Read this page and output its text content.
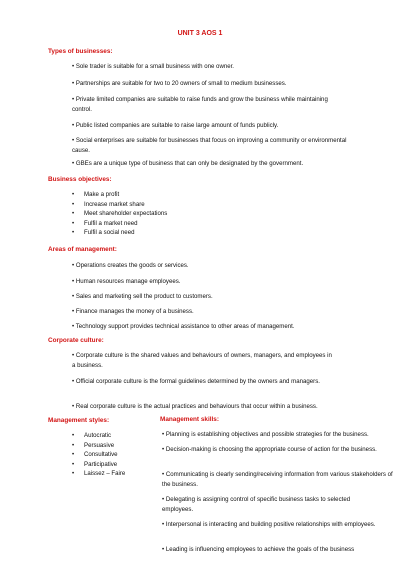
UNIT 3 AOS 1
Types of businesses:
• Sole trader is suitable for a small business with one owner.
• Partnerships are suitable for two to 20 owners of small to medium businesses.
• Private limited companies are suitable to raise funds and grow the business while maintaining control.
• Public listed companies are suitable to raise large amount of funds publicly.
• Social enterprises are suitable for businesses that focus on improving a community or environmental cause.
• GBEs are a unique type of business that can only be designated by the government.
Business objectives:
• Make a profit
• Increase market share
• Meet shareholder expectations
• Fulfil a market need
• Fulfil a social need
Areas of management:
• Operations creates the goods or services.
• Human resources manage employees.
• Sales and marketing sell the product to customers.
• Finance manages the money of a business.
• Technology support provides technical assistance to other areas of management.
Corporate culture:
• Corporate culture is the shared values and behaviours of owners, managers, and employees in a business.
• Official corporate culture is the formal guidelines determined by the owners and managers.
• Real corporate culture is the actual practices and behaviours that occur within a business.
Management styles:
• Autocratic
• Persuasive
• Consultative
• Participative
• Laissez – Faire
Management skills:
• Planning is establishing objectives and possible strategies for the business.
• Decision-making is choosing the appropriate course of action for the business.
• Communicating is clearly sending/receiving information from various stakeholders of the business.
• Delegating is assigning control of specific business tasks to selected employees.
• Interpersonal is interacting and building positive relationships with employees.
• Leading is influencing employees to achieve the goals of the business
